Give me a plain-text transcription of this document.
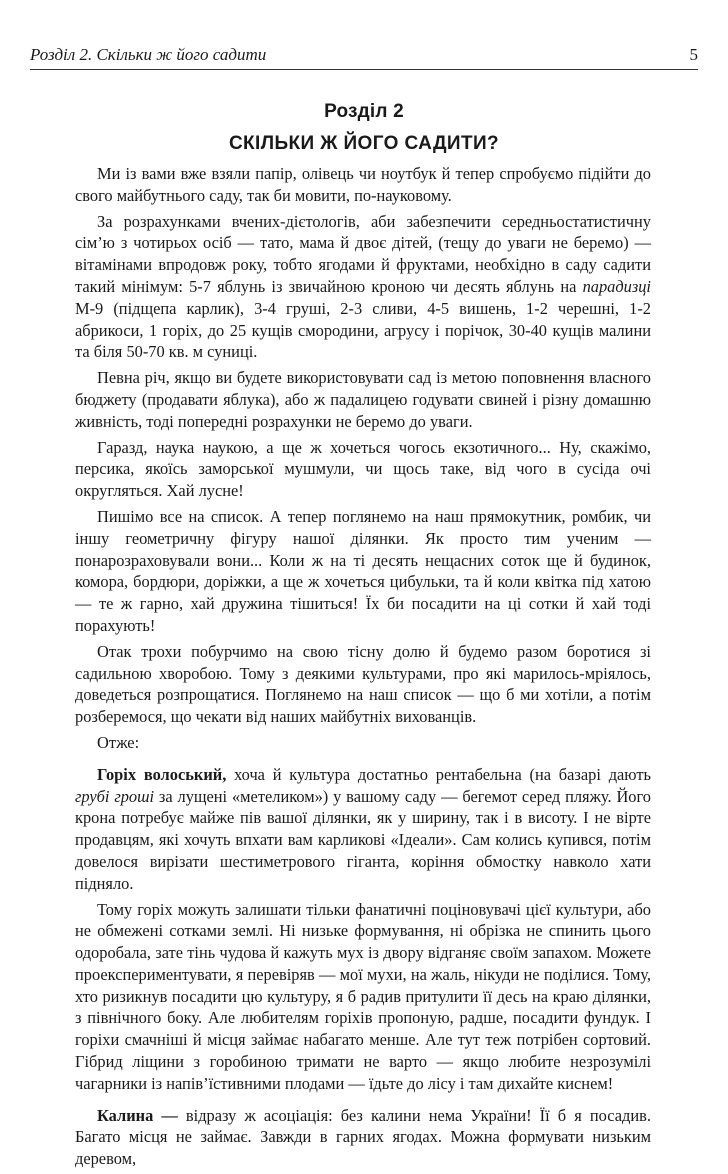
Розділ 2. Скільки ж його садити	5
Розділ 2
СКІЛЬКИ Ж ЙОГО САДИТИ?

Ми із вами вже взяли папір, олівець чи ноутбук й тепер спробуємо підійти до свого майбутнього саду, так би мовити, по-науковому.

За розрахунками вчених-дієтологів, аби забезпечити середньостатистичну сім’ю з чотирьох осіб — тато, мама й двоє дітей, (тещу до уваги не беремо) — вітамінами впродовж року, тобто ягодами й фруктами, необхідно в саду садити такий мінімум: 5-7 яблунь із звичайною кроною чи десять яблунь на парадизці М-9 (підщепа карлик), 3-4 груші, 2-3 сливи, 4-5 вишень, 1-2 черешні, 1-2 абрикоси, 1 горіх, до 25 кущів смородини, агрусу і порічок, 30-40 кущів малини та біля 50-70 кв. м суниці.

Певна річ, якщо ви будете використовувати сад із метою поповнення власного бюджету (продавати яблука), або ж падалицею годувати свиней і різну домашню живність, тоді попередні розрахунки не беремо до уваги.

Гаразд, наука наукою, а ще ж хочеться чогось екзотичного... Ну, скажімо, персика, якоїсь заморської мушмули, чи щось таке, від чого в сусіда очі округляться. Хай лусне!

Пишімо все на список. А тепер поглянемо на наш прямокутник, ромбик, чи іншу геометричну фігуру нашої ділянки. Як просто тим ученим — понарозраховували вони... Коли ж на ті десять нещасних соток ще й будинок, комора, бордюри, доріжки, а ще ж хочеться цибульки, та й коли квітка під хатою — те ж гарно, хай дружина тішиться! Їх би посадити на ці сотки й хай тоді порахують!

Отак трохи побурчимо на свою тісну долю й будемо разом боротися зі садильною хворобою. Тому з деякими культурами, про які марилось-мріялось, доведеться розпрощатися. Поглянемо на наш список — що б ми хотіли, а потім розберемося, що чекати від наших майбутніх вихованців.

Отже:

Горіх волоський, хоча й культура достатньо рентабельна (на базарі дають грубі гроші за лущені «метеликом») у вашому саду — бегемот серед пляжу. Його крона потребує майже пів вашої ділянки, як у ширину, так і в висоту. І не вірте продавцям, які хочуть впхати вам карликові «Ідеали». Сам колись купився, потім довелося вирізати шестиметрового гіганта, коріння обмостку навколо хати підняло.

Тому горіх можуть залишати тільки фанатичні поціновувачі цієї культури, або не обмежені сотками землі. Ні низьке формування, ні обрізка не спинить цього одоробала, зате тінь чудова й кажуть мух із двору відганяє своїм запахом. Можете проекспериментувати, я перевіряв — мої мухи, на жаль, нікуди не поділися. Тому, хто ризикнув посадити цю культуру, я б радив притулити її десь на краю ділянки, з північного боку. Але любителям горіхів пропоную, радше, посадити фундук. І горіхи смачніші й місця займає набагато менше. Але тут теж потрібен сортовий. Гібрид ліщини з горобиною тримати не варто — якщо любите незрозумілі чагарники із напів’їстивними плодами — їдьте до лісу і там дихайте киснем!

Калина — відразу ж асоціація: без калини нема України! Її б я посадив. Багато місця не займає. Завжди в гарних ягодах. Можна формувати низьким деревом,
